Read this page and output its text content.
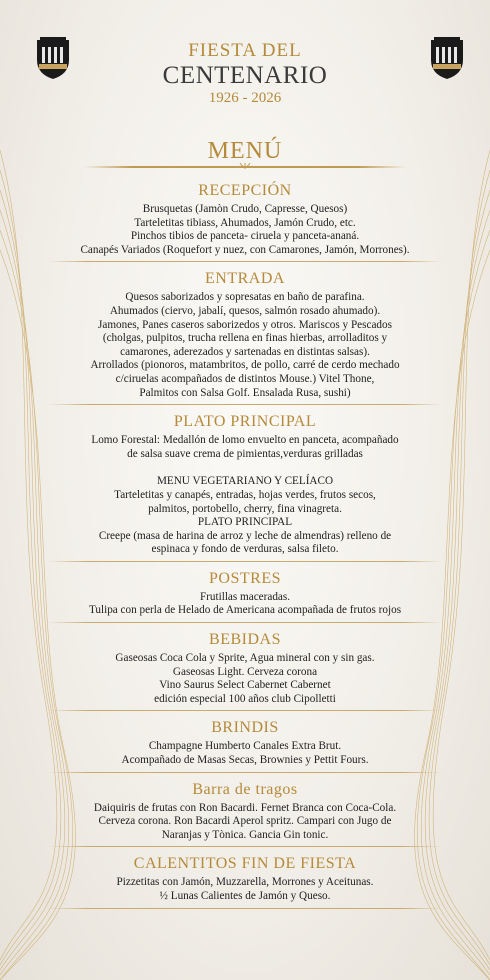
FIESTA DEL
CENTENARIO
1926 - 2026
MENÚ
RECEPCIÓN
Brusquetas (Jamòn Crudo, Capresse, Quesos)
Tarteletitas tibiass, Ahumados, Jamón Crudo, etc.
Pinchos tibios de panceta- ciruela y panceta-ananá.
Canapés Variados (Roquefort y nuez, con Camarones, Jamón, Morrones).
ENTRADA
Quesos saborizados y sopresatas en baño de parafina.
Ahumados (ciervo, jabalí, quesos, salmón rosado ahumado).
Jamones, Panes caseros saborizedos y otros. Mariscos y Pescados
(cholgas, pulpitos, trucha rellena en finas hierbas, arrolladitos y
camarones, aderezados y sartenadas en distintas salsas).
Arrollados (pionoros, matambritos, de pollo, carré de cerdo mechado
c/ciruelas acompañados de distintos Mouse.) Vitel Thone,
Palmitos con Salsa Golf. Ensalada Rusa, sushi)
PLATO PRINCIPAL
Lomo Forestal: Medallón de lomo envuelto en panceta, acompañado
de salsa suave crema de pimientas,verduras grilladas
MENU VEGETARIANO Y CELÍACO
Tarteletitas y canapés, entradas, hojas verdes, frutos secos,
palmitos, portobello, cherry, fina vinagreta.
PLATO PRINCIPAL
Creepe (masa de harina de arroz y leche de almendras) relleno de
espinaca y fondo de verduras, salsa fileto.
POSTRES
Frutillas maceradas.
Tulipa con perla de Helado de Americana acompañada de frutos rojos
BEBIDAS
Gaseosas Coca Cola y Sprite, Agua mineral con y sin gas.
Gaseosas Light. Cerveza corona
Vino Saurus Select Cabernet Cabernet
edición especial 100 años club Cipolletti
BRINDIS
Champagne Humberto Canales Extra Brut.
Acompañado de Masas Secas, Brownies y Pettit Fours.
Barra de tragos
Daiquiris de frutas con Ron Bacardi. Fernet Branca con Coca-Cola.
Cerveza corona. Ron Bacardi Aperol spritz. Campari con Jugo de
Naranjas y Tònica. Gancia Gin tonic.
CALENTITOS FIN DE FIESTA
Pizzetitas con Jamón, Muzzarella, Morrones y Aceitunas.
½ Lunas Calientes de Jamón y Queso.
